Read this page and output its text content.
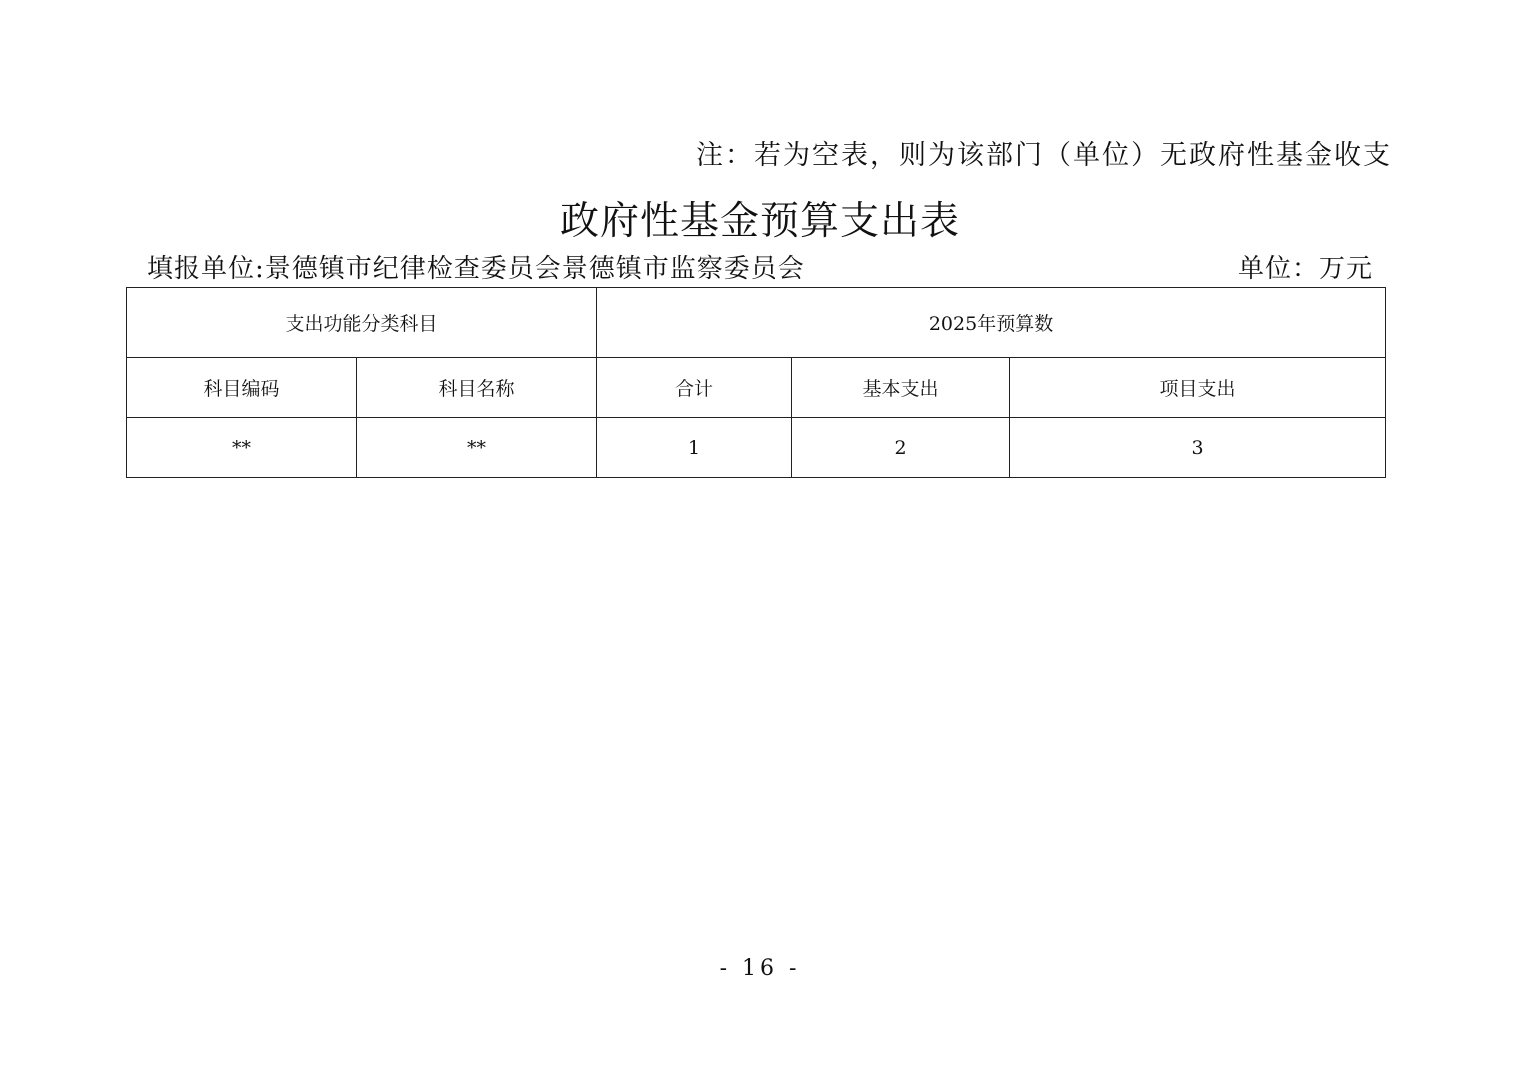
注：若为空表，则为该部门（单位）无政府性基金收支
政府性基金预算支出表
填报单位:景德镇市纪律检查委员会景德镇市监察委员会	单位：万元
支出功能分类科目		2025年预算数		
科目编码	科目名称	合计	基本支出	项目支出
**	**	1	2	3
- 16 -
